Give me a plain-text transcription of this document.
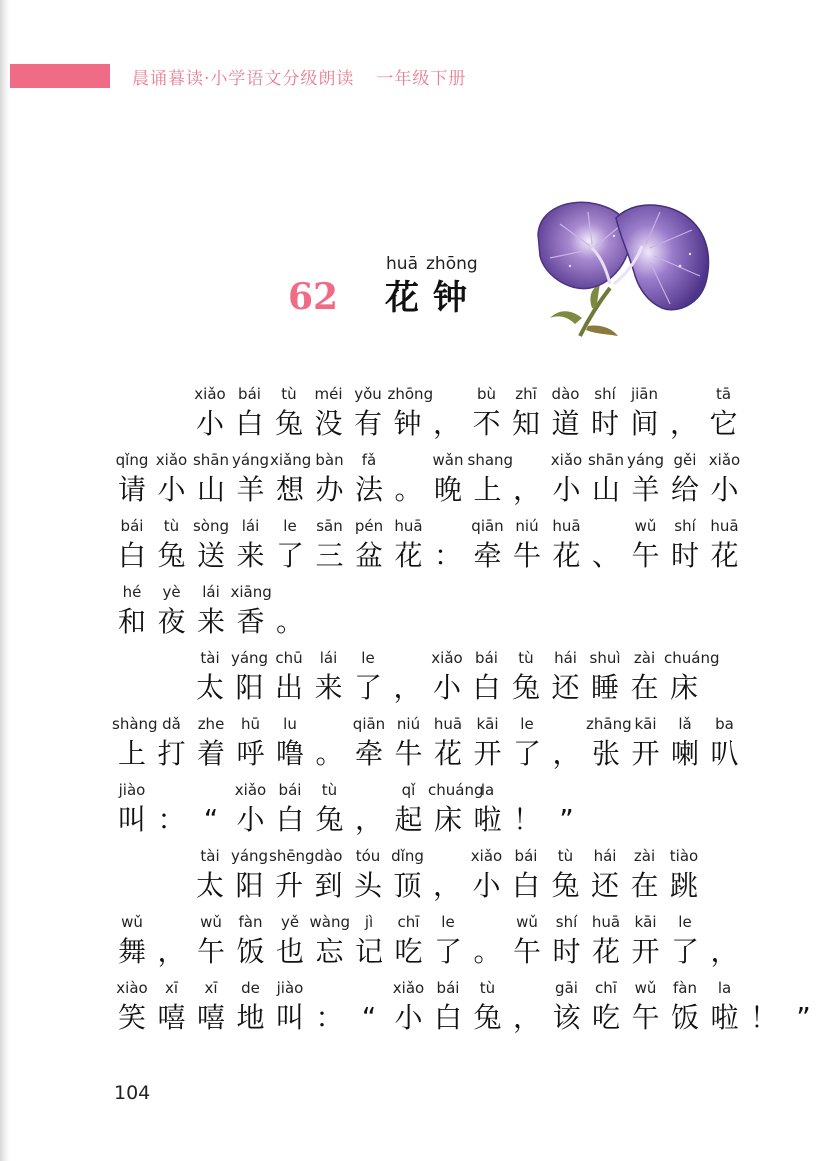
晨诵暮读·小学语文分级朗读 一年级下册
62
huā
花
zhōng
钟
xiǎo
小
bái
白
tù
兔
méi
没
yǒu
有
zhōng
钟 ，
bù
不
zhī
知
dào
道
shí
时
jiān
间 ，
tā
它
qǐng
请
xiǎo
小
shān
山
yáng
羊
xiǎng
想
bàn
办
fǎ
法 。
wǎn
晚
shang
上 ，
xiǎo
小
shān
山
yáng
羊
gěi
给
xiǎo
小
bái
白
tù
兔
sòng
送
lái
来
le
了
sān
三
pén
盆
huā
花 ：
qiān
牵
niú
牛
huā
花 、
wǔ
午
shí
时
huā
花
hé
和
yè
夜
lái
来
xiāng
香 。
tài
太
yáng
阳
chū
出
lái
来
le
了 ，
xiǎo
小
bái
白
tù
兔
hái
还
shuì
睡
zài
在
chuáng
床
shàng
上
dǎ
打
zhe
着
hū
呼
lu
噜 。
qiān
牵
niú
牛
huā
花
kāi
开
le
了 ，
zhāng
张
kāi
开
lǎ
喇
ba
叭
jiào
叫 ： “
xiǎo
小
bái
白
tù
兔 ，
qǐ
起
chuáng
床
la
啦 ！ ”
tài
太
yáng
阳
shēng
升
dào
到
tóu
头
dǐng
顶 ，
xiǎo
小
bái
白
tù
兔
hái
还
zài
在
tiào
跳
wǔ
舞 ，
wǔ
午
fàn
饭
yě
也
wàng
忘
jì
记
chī
吃
le
了 。
wǔ
午
shí
时
huā
花
kāi
开
le
了 ，
xiào
笑
xī
嘻
xī
嘻
de
地
jiào
叫 ： “
xiǎo
小
bái
白
tù
兔 ，
gāi
该
chī
吃
wǔ
午
fàn
饭
la
啦 ！ ”
104
